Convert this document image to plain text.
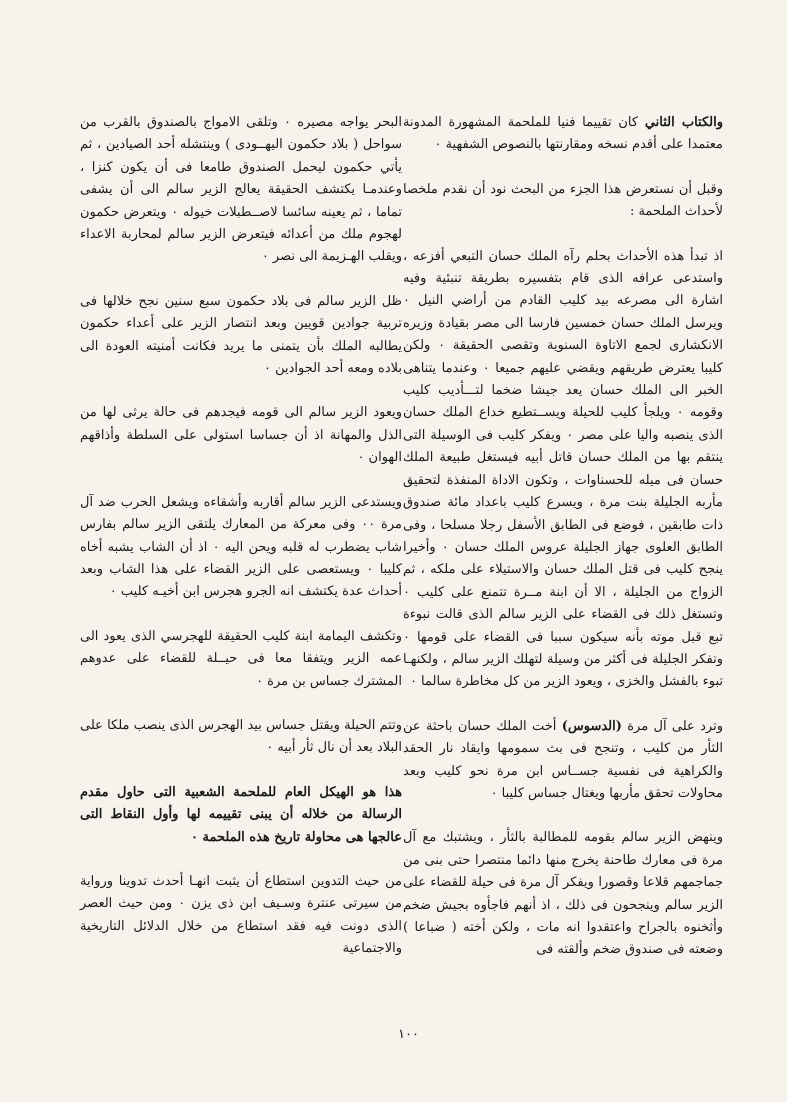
والكتاب الثاني كان تقييما فنيا للملحمة المشهورة المدونة معتمدا على أقدم نسخه ومقارنتها بالنصوص الشفهية ٠

وقبل أن نستعرض هذا الجزء من البحث نود أن نقدم ملخصا لأحداث الملحمة :

اذ تبدأ هذه الأحداث بحلم رآه الملك حسان التبعي أفزعه ، واستدعى عرافه الذى قام بتفسيره بطريقة تنبئية وفيه اشارة الى مصرعه بيد كليب القادم من أراضي النيل ٠ ويرسل الملك حسان خمسين فارسا الى مصر بقيادة وزيره الانكشارى لجمع الاتاوة السنوية وتقصى الحقيقة ٠ ولكن كليبا يعترض طريقهم ويقضي عليهم جميعا ٠ وعندما يتناهى الخبر الى الملك حسان يعد جيشا ضخما لتـــأديب كليب وقومه ٠ ويلجأ كليب للحيلة ويســتطيع خداع الملك حسان الذى ينصبه واليا على مصر ٠ ويفكر كليب فى الوسيلة التى ينتقم بها من الملك حسان قاتل أبيه فيستغل طبيعة الملك حسان فى ميله للحسناوات ، وتكون الاداة المنفذة لتحقيق مأربه الجليلة بنت مرة ، ويسرع كليب باعداد مائة صندوق ذات طابقين ، فوضع فى الطابق الأسفل رجلا مسلحا ، وفى الطابق العلوى جهاز الجليلة عروس الملك حسان ٠ وأخيرا ينجح كليب فى قتل الملك حسان والاستيلاء على ملكه ، ثم الزواج من الجليلة ، الا أن ابنة مــرة تتمنع على كليب ٠ وتستغل ذلك فى القضاء على الزير سالم الذى قالت نبوءة تبع قبل موته بأنه سيكون سببا فى القضاء على قومها ٠ وتفكر الجليلة فى أكثر من وسيلة لتهلك الزير سالم ، ولكنهـا تبوء بالفشل والخزى ، ويعود الزير من كل مخاطرة سالما ٠

وترد على آل مرة (الدسوس) أخت الملك حسان باحثة عن الثأر من كليب ، وتنجح فى بث سمومها وايقاد نار الحقد والكراهية فى نفسية جســاس ابن مرة نحو كليب وبعد محاولات تحقق مأربها ويغتال جساس كليبا ٠

وينهض الزير سالم بقومه للمطالبة بالثأر ، ويشتبك مع آل مرة فى معارك طاحنة يخرج منها دائما منتصرا حتى بنى من جماجمهم قلاعا وقصورا ويفكر آل مرة فى حيلة للقضاء على الزير سالم وينجحون فى ذلك ، اذ أنهم فاجأوه بجيش ضخم وأثخنوه بالجراح واعتقدوا انه مات ، ولكن أخته ( ضباعا ) وضعته فى صندوق ضخم وألقته فى

البحر يواجه مصيره ٠ وتلقى الامواج بالصندوق بالقرب من سواحل ( بلاد حكمون اليهــودى ) وينتشله أحد الصيادين ، ثم يأتي حكمون ليحمل الصندوق طامعا فى أن يكون كنزا ، وعندمـا يكتشف الحقيقة يعالج الزير سالم الى أن يشفى تماما ، ثم يعينه سائسا لاصــطبلات خيوله ٠ ويتعرض حكمون لهجوم ملك من أعدائه فيتعرض الزير سالم لمحاربة الاعداء ويقلب الهـزيمة الى نصر ٠

ظل الزير سالم فى بلاد حكمون سبع سنين نجح خلالها فى تربية جوادين قويين وبعد انتصار الزير على أعداء حكمون يطالبه الملك بأن يتمنى ما يريد فكانت أمنيته العودة الى بلاده ومعه أحد الجوادين ٠

ويعود الزير سالم الى قومه فيجدهم فى حالة يرثى لها من الذل والمهانة اذ أن جساسا استولى على السلطة وأذاقهم الهوان ٠

ويستدعى الزير سالم أقاربه وأشقاءه ويشعل الحرب ضد آل مرة ٠٠ وفى معركة من المعارك يلتقى الزير سالم بفارس شاب يضطرب له قلبه ويحن اليه ٠ اذ أن الشاب يشبه أخاه كليبا ٠ ويستعصى على الزير القضاء على هذا الشاب وبعد أحداث عدة يكتشف انه الجرو هجرس ابن أخيـه كليب ٠

وتكشف اليمامة ابنة كليب الحقيقة للهجرسي الذى يعود الى عمه الزير ويتفقا معا فى حيــلة للقضاء على عدوهم المشترك جساس بن مرة ٠

وتتم الحيلة ويقتل جساس بيد الهجرس الذى ينصب ملكا على البلاد بعد أن نال ثأر أبيه ٠

هذا هو الهيكل العام للملحمة الشعبية التى حاول مقدم الرسالة من خلاله أن يبنى تقييمه لها وأول النقاط التى عالجها هى محاولة تاريخ هذه الملحمة ٠

من حيث التدوين استطاع أن يثبت انهـا أحدث تدوينا ورواية من سيرتى عنترة وسـيف ابن ذى يزن ٠ ومن حيث العصر الذى دونت فيه فقد استطاع من خلال الدلائل التاريخية والاجتماعية

١٠٠
